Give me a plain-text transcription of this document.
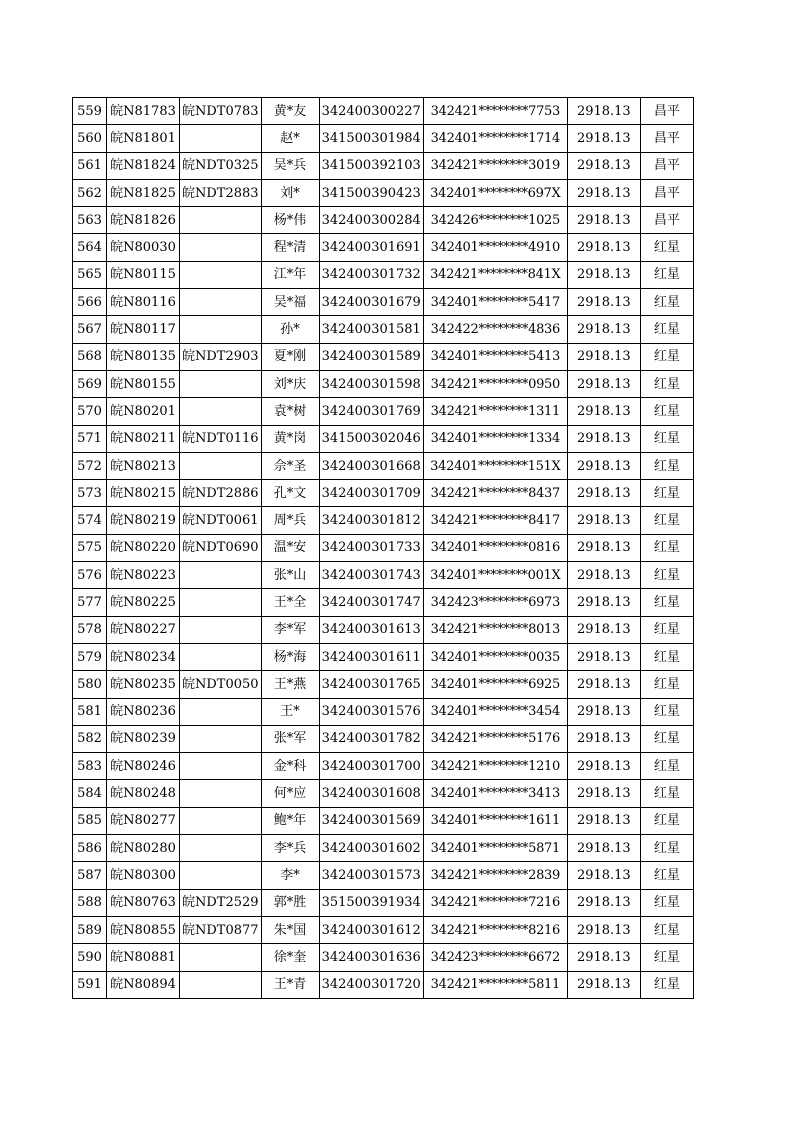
559	皖N81783	皖NDT0783	黄*友	342400300227	342421********7753	2918.13	昌平
560	皖N81801		赵*	341500301984	342401********1714	2918.13	昌平
561	皖N81824	皖NDT0325	吴*兵	341500392103	342421********3019	2918.13	昌平
562	皖N81825	皖NDT2883	刘*	341500390423	342401********697X	2918.13	昌平
563	皖N81826		杨*伟	342400300284	342426********1025	2918.13	昌平
564	皖N80030		程*清	342400301691	342401********4910	2918.13	红星
565	皖N80115		江*年	342400301732	342421********841X	2918.13	红星
566	皖N80116		吴*福	342400301679	342401********5417	2918.13	红星
567	皖N80117		孙*	342400301581	342422********4836	2918.13	红星
568	皖N80135	皖NDT2903	夏*刚	342400301589	342401********5413	2918.13	红星
569	皖N80155		刘*庆	342400301598	342421********0950	2918.13	红星
570	皖N80201		袁*树	342400301769	342421********1311	2918.13	红星
571	皖N80211	皖NDT0116	黄*岗	341500302046	342401********1334	2918.13	红星
572	皖N80213		佘*圣	342400301668	342401********151X	2918.13	红星
573	皖N80215	皖NDT2886	孔*文	342400301709	342421********8437	2918.13	红星
574	皖N80219	皖NDT0061	周*兵	342400301812	342421********8417	2918.13	红星
575	皖N80220	皖NDT0690	温*安	342400301733	342401********0816	2918.13	红星
576	皖N80223		张*山	342400301743	342401********001X	2918.13	红星
577	皖N80225		王*全	342400301747	342423********6973	2918.13	红星
578	皖N80227		李*军	342400301613	342421********8013	2918.13	红星
579	皖N80234		杨*海	342400301611	342401********0035	2918.13	红星
580	皖N80235	皖NDT0050	王*燕	342400301765	342401********6925	2918.13	红星
581	皖N80236		王*	342400301576	342401********3454	2918.13	红星
582	皖N80239		张*军	342400301782	342421********5176	2918.13	红星
583	皖N80246		金*科	342400301700	342421********1210	2918.13	红星
584	皖N80248		何*应	342400301608	342401********3413	2918.13	红星
585	皖N80277		鲍*年	342400301569	342401********1611	2918.13	红星
586	皖N80280		李*兵	342400301602	342401********5871	2918.13	红星
587	皖N80300		李*	342400301573	342421********2839	2918.13	红星
588	皖N80763	皖NDT2529	郭*胜	351500391934	342421********7216	2918.13	红星
589	皖N80855	皖NDT0877	朱*国	342400301612	342421********8216	2918.13	红星
590	皖N80881		徐*奎	342400301636	342423********6672	2918.13	红星
591	皖N80894		王*青	342400301720	342421********5811	2918.13	红星
